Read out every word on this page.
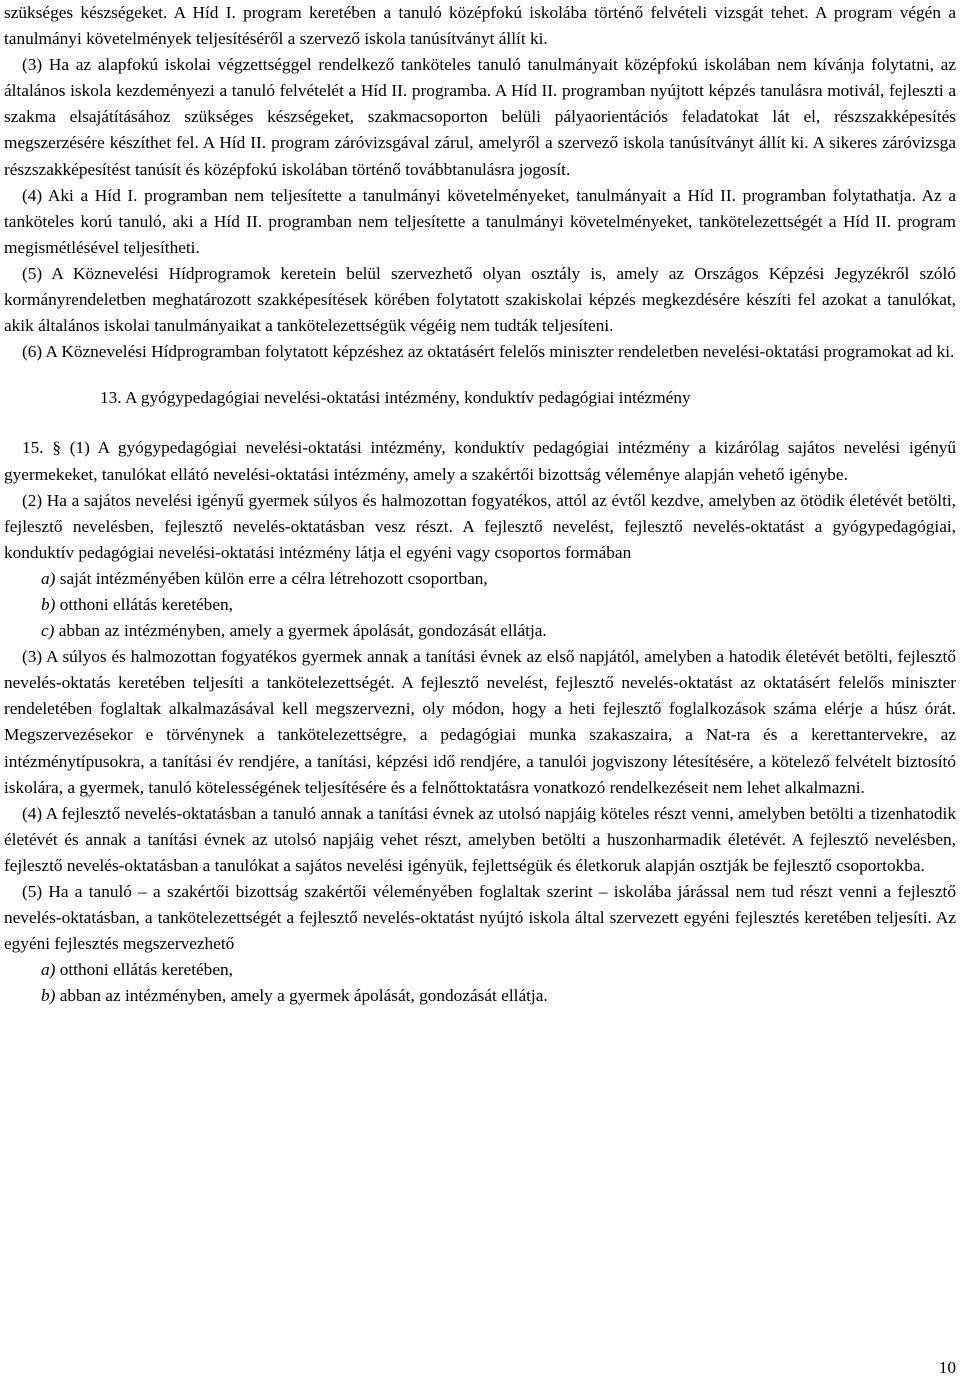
szükséges készségeket. A Híd I. program keretében a tanuló középfokú iskolába történő felvételi vizsgát tehet. A program végén a tanulmányi követelmények teljesítéséről a szervező iskola tanúsítványt állít ki.

(3) Ha az alapfokú iskolai végzettséggel rendelkező tanköteles tanuló tanulmányait középfokú iskolában nem kívánja folytatni, az általános iskola kezdeményezi a tanuló felvételét a Híd II. programba. A Híd II. programban nyújtott képzés tanulásra motivál, fejleszti a szakma elsajátításához szükséges készségeket, szakmacsoporton belüli pályaorientációs feladatokat lát el, részszakképesítés megszerzésére készíthet fel. A Híd II. program záróvizsgával zárul, amelyről a szervező iskola tanúsítványt állít ki. A sikeres záróvizsga részszakképesítést tanúsít és középfokú iskolában történő továbbtanulásra jogosít.

(4) Aki a Híd I. programban nem teljesítette a tanulmányi követelményeket, tanulmányait a Híd II. programban folytathatja. Az a tanköteles korú tanuló, aki a Híd II. programban nem teljesítette a tanulmányi követelményeket, tankötelezettségét a Híd II. program megismétlésével teljesítheti.

(5) A Köznevelési Hídprogramok keretein belül szervezhető olyan osztály is, amely az Országos Képzési Jegyzékről szóló kormányrendeletben meghatározott szakképesítések körében folytatott szakiskolai képzés megkezdésére készíti fel azokat a tanulókat, akik általános iskolai tanulmányaikat a tankötelezettségük végéig nem tudták teljesíteni.

(6) A Köznevelési Hídprogramban folytatott képzéshez az oktatásért felelős miniszter rendeletben nevelési-oktatási programokat ad ki.

13. A gyógypedagógiai nevelési-oktatási intézmény, konduktív pedagógiai intézmény

15. § (1) A gyógypedagógiai nevelési-oktatási intézmény, konduktív pedagógiai intézmény a kizárólag sajátos nevelési igényű gyermekeket, tanulókat ellátó nevelési-oktatási intézmény, amely a szakértői bizottság véleménye alapján vehető igénybe.

(2) Ha a sajátos nevelési igényű gyermek súlyos és halmozottan fogyatékos, attól az évtől kezdve, amelyben az ötödik életévét betölti, fejlesztő nevelésben, fejlesztő nevelés-oktatásban vesz részt. A fejlesztő nevelést, fejlesztő nevelés-oktatást a gyógypedagógiai, konduktív pedagógiai nevelési-oktatási intézmény látja el egyéni vagy csoportos formában

a) saját intézményében külön erre a célra létrehozott csoportban,

b) otthoni ellátás keretében,

c) abban az intézményben, amely a gyermek ápolását, gondozását ellátja.

(3) A súlyos és halmozottan fogyatékos gyermek annak a tanítási évnek az első napjától, amelyben a hatodik életévét betölti, fejlesztő nevelés-oktatás keretében teljesíti a tankötelezettségét. A fejlesztő nevelést, fejlesztő nevelés-oktatást az oktatásért felelős miniszter rendeletében foglaltak alkalmazásával kell megszervezni, oly módon, hogy a heti fejlesztő foglalkozások száma elérje a húsz órát. Megszervezésekor e törvénynek a tankötelezettségre, a pedagógiai munka szakaszaira, a Nat-ra és a kerettantervekre, az intézménytípusokra, a tanítási év rendjére, a tanítási, képzési idő rendjére, a tanulói jogviszony létesítésére, a kötelező felvételt biztosító iskolára, a gyermek, tanuló kötelességének teljesítésére és a felnőttoktatásra vonatkozó rendelkezéseit nem lehet alkalmazni.

(4) A fejlesztő nevelés-oktatásban a tanuló annak a tanítási évnek az utolsó napjáig köteles részt venni, amelyben betölti a tizenhatodik életévét és annak a tanítási évnek az utolsó napjáig vehet részt, amelyben betölti a huszonharmadik életévét. A fejlesztő nevelésben, fejlesztő nevelés-oktatásban a tanulókat a sajátos nevelési igényük, fejlettségük és életkoruk alapján osztják be fejlesztő csoportokba.

(5) Ha a tanuló – a szakértői bizottság szakértői véleményében foglaltak szerint – iskolába járással nem tud részt venni a fejlesztő nevelés-oktatásban, a tankötelezettségét a fejlesztő nevelés-oktatást nyújtó iskola által szervezett egyéni fejlesztés keretében teljesíti. Az egyéni fejlesztés megszervezhető

a) otthoni ellátás keretében,

b) abban az intézményben, amely a gyermek ápolását, gondozását ellátja.

10
